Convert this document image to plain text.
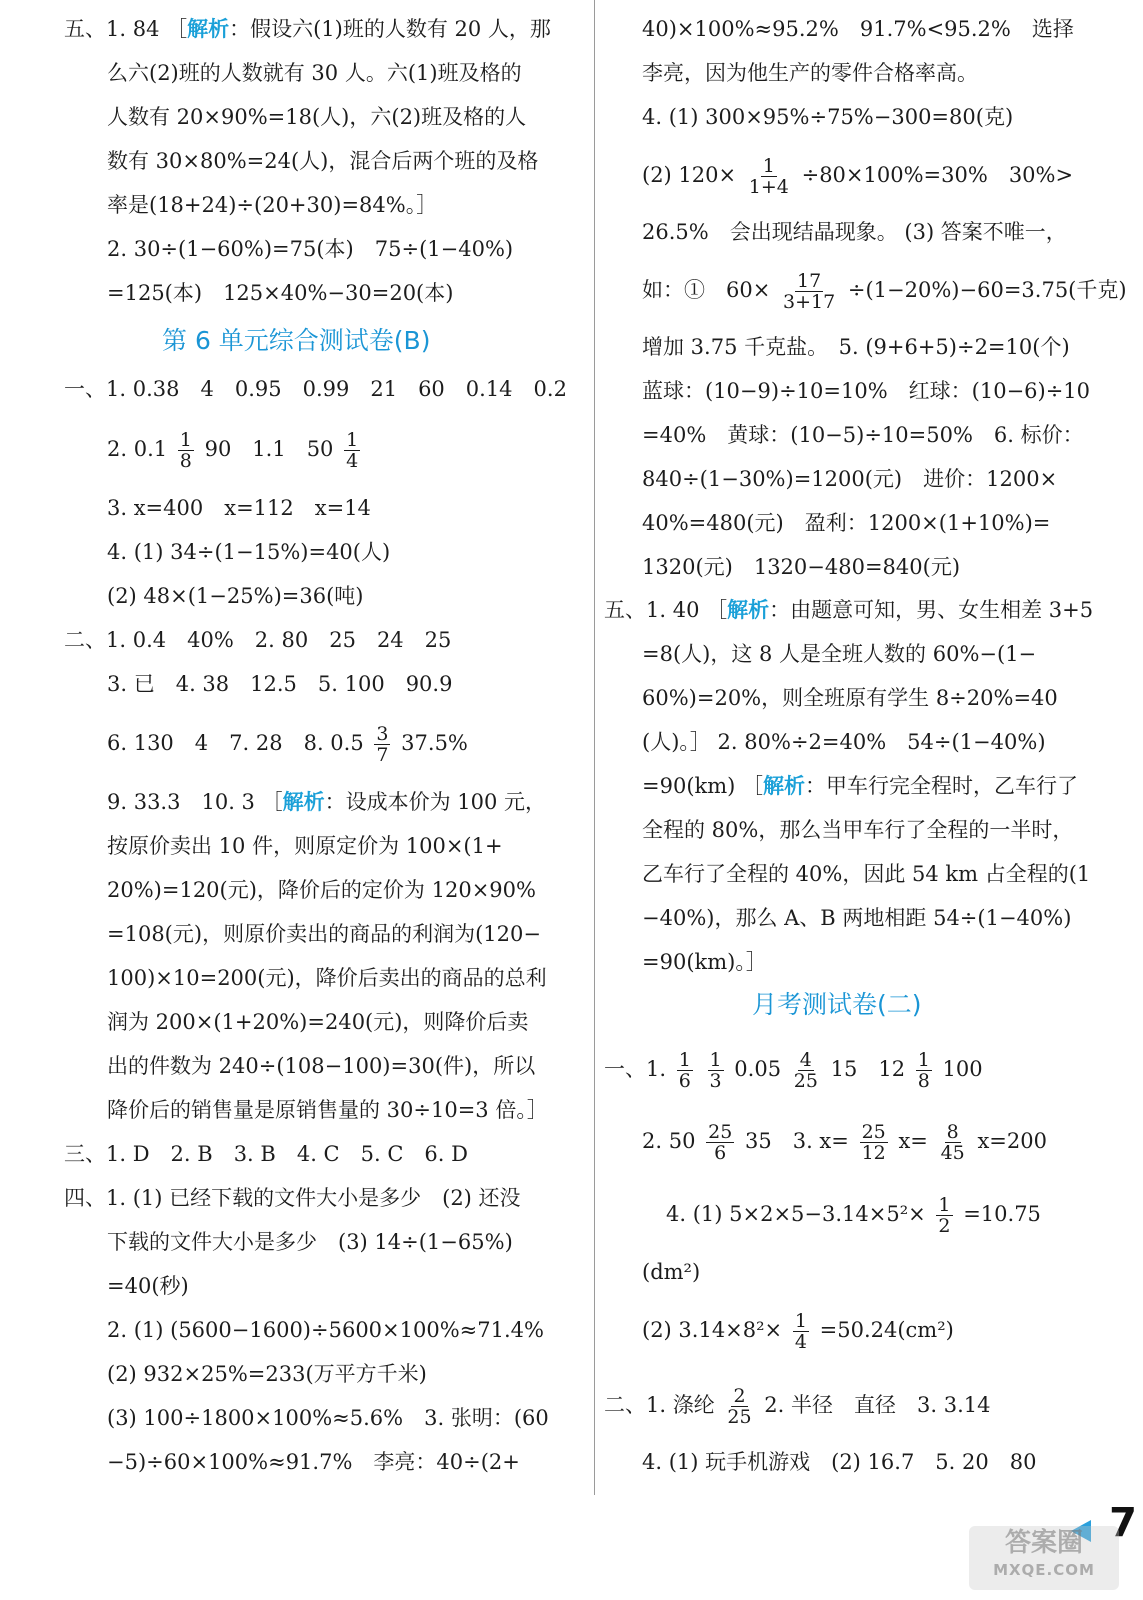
五、1. 84 ［解析：假设六(1)班的人数有 20 人，那
么六(2)班的人数就有 30 人。六(1)班及格的
人数有 20×90%=18(人)，六(2)班及格的人
数有 30×80%=24(人)，混合后两个班的及格
率是(18+24)÷(20+30)=84%。］
2. 30÷(1−60%)=75(本)　75÷(1−40%)
=125(本)　125×40%−30=20(本)
第 6 单元综合测试卷(B)
一、1. 0.38　4　0.95　0.99　21　60　0.14　0.2
2. $0.1 \frac{1}{8} 90$　1.1　$50 \frac{1}{4}$
3. x=400　x=112　x=14
4. (1) 34÷(1−15%)=40(人)
(2) 48×(1−25%)=36(吨)
二、1. 0.4　40%　2. 80　25　24　25
3. 已　4. 38　12.5　5. 100　90.9
6. 130　4　7. 28　8. $0.5 \frac{3}{7} 37.5\%$
9. 33.3　10. 3 ［解析：设成本价为 100 元，
按原价卖出 10 件，则原定价为 100×(1+
20%)=120(元)，降价后的定价为 120×90%
=108(元)，则原价卖出的商品的利润为(120−
100)×10=200(元)，降价后卖出的商品的总利
润为 200×(1+20%)=240(元)，则降价后卖
出的件数为 240÷(108−100)=30(件)，所以
降价后的销售量是原销售量的 30÷10=3 倍。］
三、1. D　2. B　3. B　4. C　5. C　6. D
四、1. (1) 已经下载的文件大小是多少　(2) 还没
下载的文件大小是多少　(3) 14÷(1−65%)
=40(秒)
2. (1) (5600−1600)÷5600×100%≈71.4%
(2) 932×25%=233(万平方千米)
(3) 100÷1800×100%≈5.6%　3. 张明：(60
−5)÷60×100%≈91.7%　李亮：40÷(2+
40)×100%≈95.2%　91.7%<95.2%　选择
李亮，因为他生产的零件合格率高。
4. (1) 300×95%÷75%−300=80(克)
(2) $120\times \frac{1}{1+4} \div 80\times 100\%=30\%$　30%>
26.5%　会出现结晶现象。 (3) 答案不唯一，
如：①　$60\times \frac{17}{3+17} \div(1-20\%)-60=3.75$(千克)
增加 3.75 千克盐。　5. (9+6+5)÷2=10(个)
蓝球：(10−9)÷10=10%　红球：(10−6)÷10
=40%　黄球：(10−5)÷10=50%　6. 标价：
840÷(1−30%)=1200(元)　进价：1200×
40%=480(元)　盈利：1200×(1+10%)=
1320(元)　1320−480=840(元)
五、1. 40 ［解析：由题意可知，男、女生相差 3+5
=8(人)，这 8 人是全班人数的 60%−(1−
60%)=20%，则全班原有学生 8÷20%=40
(人)。］ 2. 80%÷2=40%　54÷(1−40%)
=90(km) ［解析：甲车行完全程时，乙车行了
全程的 80%，那么当甲车行了全程的一半时，
乙车行了全程的 40%，因此 54 km 占全程的(1
−40%)，那么 A、B 两地相距 54÷(1−40%)
=90(km)。］
月考测试卷(二)
一、1. $\frac{1}{6}$
$\frac{1}{3} 0.05 \frac{4}{25} 15$　$12 \frac{1}{8} 100$
2. $50 \frac{25}{6} 35$　3. $x= \frac{25}{12} x= \frac{8}{45} x=200$
4. (1) $5\times 2\times 5-3.14\times 5^2\times \frac{1}{2} =10.75$
(dm²)
(2) $3.14\times 8^2\times \frac{1}{4} =50.24(cm^2)$
二、1. 涤纶 $\frac{2}{25} 2$. 半径　直径　3. 3.14
4. (1) 玩手机游戏　(2) 16.7　5. 20　80
7
答案圈
MXQE.COM
